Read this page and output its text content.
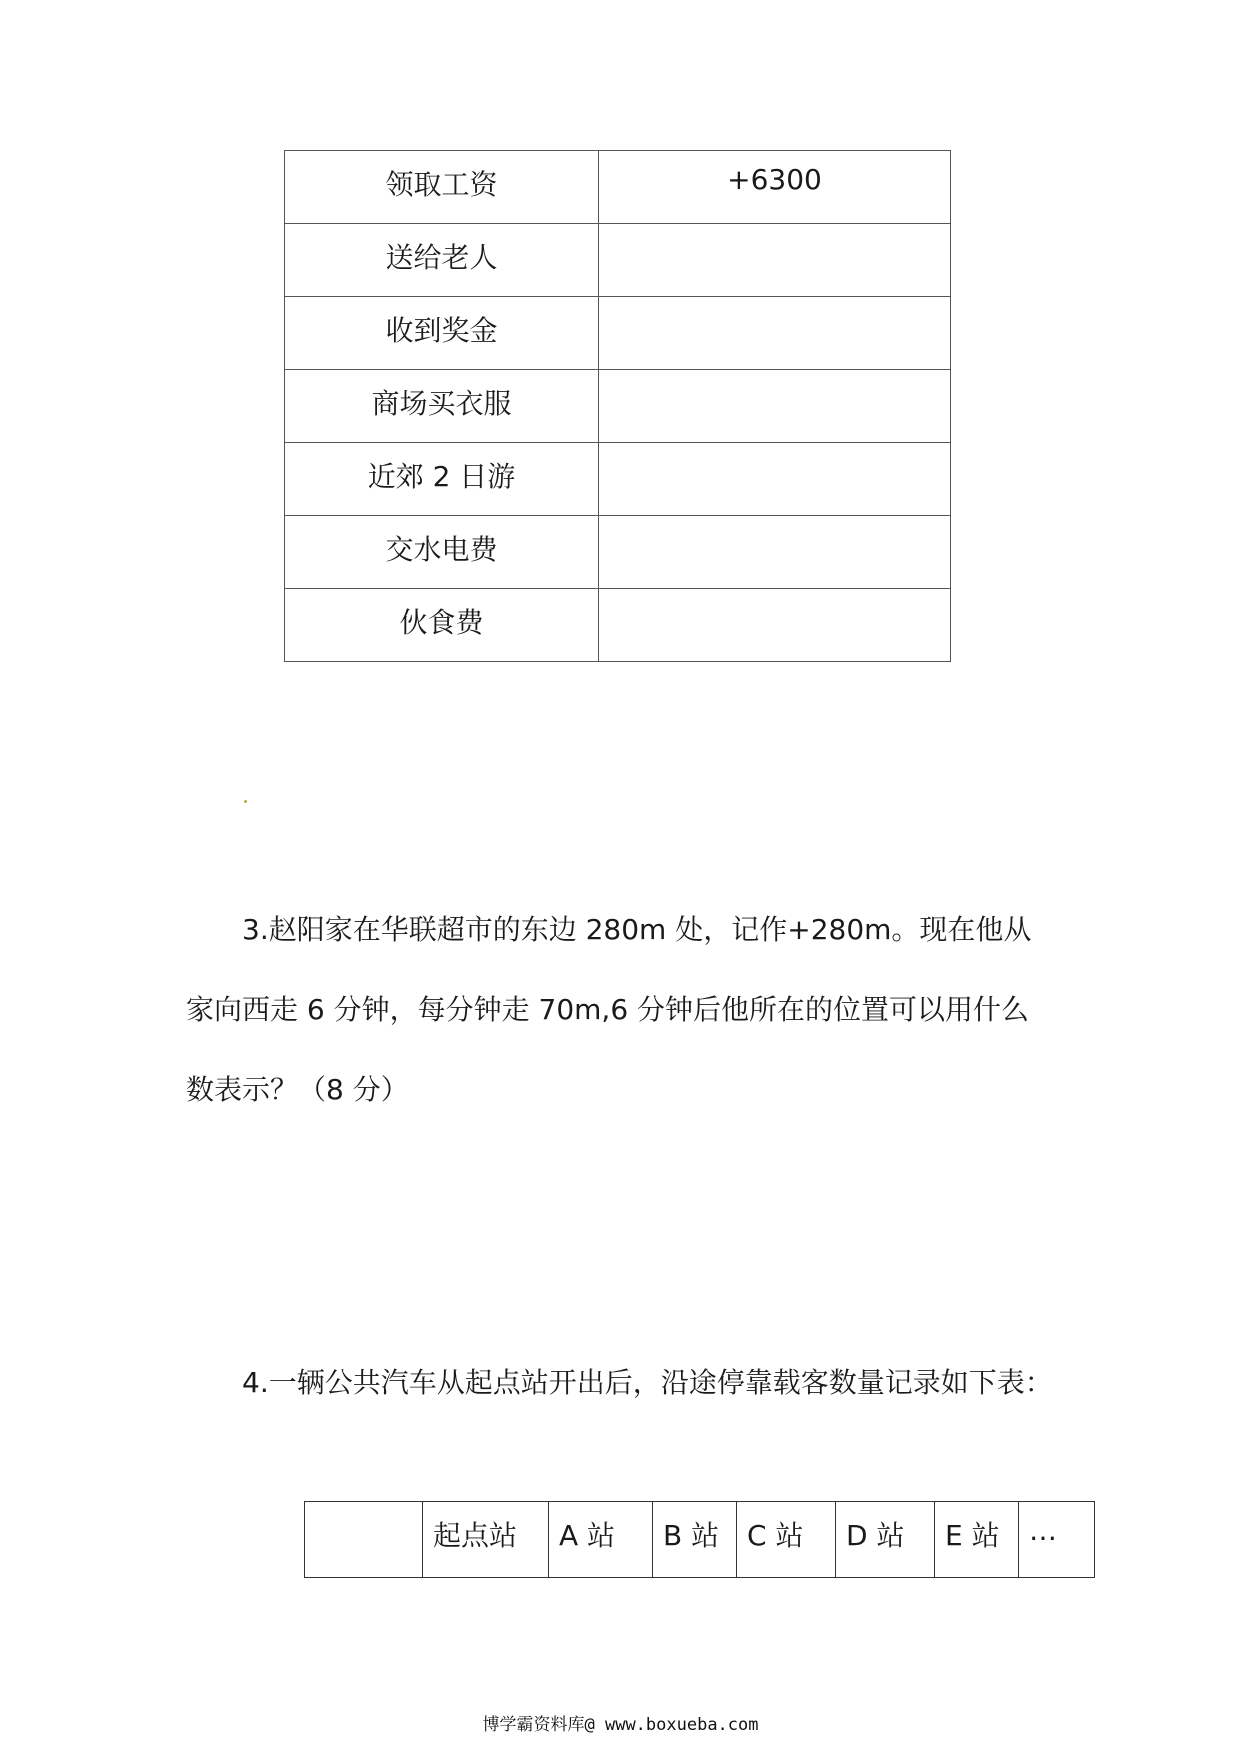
领取工资	+6300
送给老人	
收到奖金	
商场买衣服	
近郊 2 日游	
交水电费	
伙食费	

3.赵阳家在华联超市的东边 280m 处，记作+280m。现在他从家向西走 6 分钟，每分钟走 70m,6 分钟后他所在的位置可以用什么数表示？（8 分）

4.一辆公共汽车从起点站开出后，沿途停靠载客数量记录如下表：

	起点站	A 站	B 站	C 站	D 站	E 站	…
博学霸资料库@ www.boxueba.com
